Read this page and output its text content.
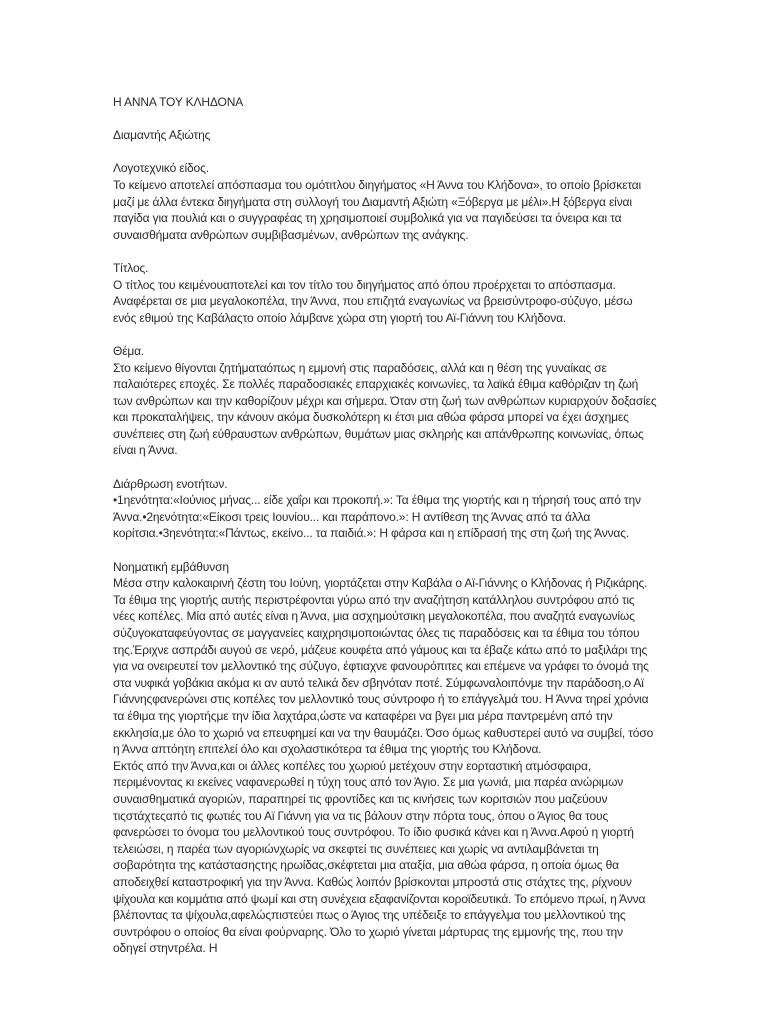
Η ΑΝΝΑ ΤΟΥ ΚΛΗΔΟΝΑ

Διαμαντής Αξιώτης

Λογοτεχνικό είδος.

Το κείμενο αποτελεί απόσπασμα του ομότιτλου διηγήματος «Η Άννα του Κλήδονα», το οποίο βρίσκεται μαζί με άλλα έντεκα διηγήματα στη συλλογή του Διαμαντή Αξιώτη «Ξόβεργα με μέλι».Η ξόβεργα είναι παγίδα για πουλιά και ο συγγραφέας τη χρησιμοποιεί συμβολικά για να παγιδεύσει τα όνειρα και τα συναισθήματα ανθρώπων συμβιβασμένων, ανθρώπων της ανάγκης.

Τίτλος.

Ο τίτλος του κειμένουαποτελεί και τον τίτλο του διηγήματος από όπου προέρχεται το απόσπασμα. Αναφέρεται σε μια μεγαλοκοπέλα, την Άννα, που επιζητά εναγωνίως να βρεισύντροφο-σύζυγο, μέσω ενός εθιμού της Καβάλαςτο οποίο λάμβανε χώρα στη γιορτή του Αϊ-Γιάννη του Κλήδονα.

Θέμα.

Στο κείμενο θίγονται ζητήματαόπως η εμμονή στις παραδόσεις, αλλά και η θέση της γυναίκας σε παλαιότερες εποχές. Σε πολλές παραδοσιακές επαρχιακές κοινωνίες, τα λαϊκά έθιμα καθόριζαν τη ζωή των ανθρώπων και την καθορίζουν μέχρι και σήμερα. Όταν στη ζωή των ανθρώπων κυριαρχούν δοξασίες και προκαταλήψεις, την κάνουν ακόμα δυσκολότερη κι έτσι μια αθώα φάρσα μπορεί να έχει άσχημες συνέπειες στη ζωή εύθραυστων ανθρώπων, θυμάτων μιας σκληρής και απάνθρωπης κοινωνίας, όπως είναι η Άννα.

Διάρθρωση ενοτήτων.

•1ηενότητα:«Ιούνιος μήνας... είδε χαΐρι και προκοπή.»: Τα έθιμα της γιορτής και η τήρησή τους από την Άννα.•2ηενότητα:«Είκοσι τρεις Ιουνίου... και παράπονο.»: Η αντίθεση της Άννας από τα άλλα κορίτσια.•3ηενότητα:«Πάντως, εκείνο... τα παιδιά.»: Η φάρσα και η επίδρασή της στη ζωή της Άννας.

Νοηματική εμβάθυνση

Μέσα στην καλοκαιρινή ζέστη του Ιούνη, γιορτάζεται στην Καβάλα ο Αϊ-Γιάννης ο Κλήδονας ή Ριζικάρης. Τα έθιμα της γιορτής αυτής περιστρέφονται γύρω από την αναζήτηση κατάλληλου συντρόφου από τις νέες κοπέλες. Μία από αυτές είναι η Άννα, μια ασχημούτσικη μεγαλοκοπέλα, που αναζητά εναγωνίως σύζυγοκαταφεύγοντας σε μαγγανείες καιχρησιμοποιώντας όλες τις παραδόσεις και τα έθιμα του τόπου της.Έριχνε ασπράδι αυγού σε νερό, μάζευε κουφέτα από γάμους και τα έβαζε κάτω από το μαξιλάρι της για να ονειρευτεί τον μελλοντικό της σύζυγο, έφτιαχνε φανουρόπιτες και επέμενε να γράφει το όνομά της στα νυφικά γοβάκια ακόμα κι αν αυτό τελικά δεν σβηνόταν ποτέ. Σύμφωναλοιπόνμε την παράδοση,ο Αϊ Γιάννηςφανερώνει στις κοπέλες τον μελλοντικό τους σύντροφο ή το επάγγελμά του. Η Άννα τηρεί χρόνια τα έθιμα της γιορτήςμε την ίδια λαχτάρα,ώστε να καταφέρει να βγει μια μέρα παντρεμένη από την εκκλησία,με όλο το χωριό να επευφημεί και να την θαυμάζει. Όσο όμως καθυστερεί αυτό να συμβεί, τόσο η Άννα απτόητη επιτελεί όλο και σχολαστικότερα τα έθιμα της γιορτής του Κλήδονα.

Εκτός από την Άννα,και οι άλλες κοπέλες του χωριού μετέχουν στην εορταστική ατμόσφαιρα, περιμένοντας κι εκείνες ναφανερωθεί η τύχη τους από τον Άγιο. Σε μια γωνιά, μια παρέα ανώριμων συναισθηματικά αγοριών, παραπηρεί τις φροντίδες και τις κινήσεις των κοριτσιών που μαζεύουν τιςστάχτεςαπό τις φωτιές του Αϊ Γιάννη για να τις βάλουν στην πόρτα τους, όπου ο Άγιος θα τους φανερώσει το όνομα του μελλοντικού τους συντρόφου. Το ίδιο φυσικά κάνει και η Άννα.Αφού η γιορτή τελειώσει, η παρέα των αγοριώνχωρίς να σκεφτεί τις συνέπειες και χωρίς να αντιλαμβάνεται τη σοβαρότητα της κατάστασηςτης ηρωίδας,σκέφτεται μια αταξία, μια αθώα φάρσα, η οποία όμως θα αποδειχθεί καταστροφική για την Άννα. Καθώς λοιπόν βρίσκονται μπροστά στις στάχτες της, ρίχνουν ψίχουλα και κομμάτια από ψωμί και στη συνέχεια εξαφανίζονται κοροϊδευτικά. Το επόμενο πρωί, η Άννα βλέποντας τα ψίχουλα,αφελώςπιστεύει πως ο Άγιος της υπέδειξε το επάγγελμα του μελλοντικού της συντρόφου ο οποίος θα είναι φούρναρης. Όλο το χωριό γίνεται μάρτυρας της εμμονής της, που την οδηγεί στηντρέλα. Η
